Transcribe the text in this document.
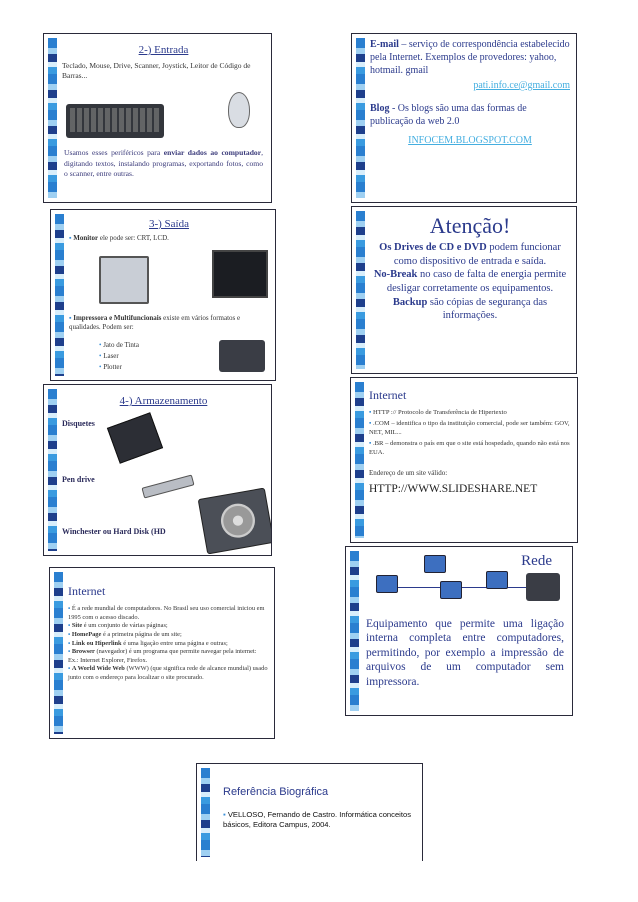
2-) Entrada

Teclado, Mouse, Drive, Scanner, Joystick, Leitor de Código de Barras...

Usamos esses periféricos para enviar dados ao computador, digitando textos, instalando programas, exportando fotos, como o scanner, entre outras.

E-mail – serviço de correspondência estabelecido pela Internet. Exemplos de provedores: yahoo, hotmail. gmail

pati.info.ce@gmail.com

Blog - Os blogs são uma das formas de publicação da web 2.0

INFOCEM.BLOGSPOT.COM

3-) Saída

▪ Monitor ele pode ser: CRT, LCD.

▪ Impressora e Multifuncionais existe em vários formatos e qualidades. Podem ser:

• Jato de Tinta
• Laser
• Plotter
Atenção!

Os Drives de CD e DVD podem funcionar como dispositivo de entrada e saída.

No-Break no caso de falta de energia permite desligar corretamente os equipamentos.

Backup são cópias de segurança das informações.

4-) Armazenamento

Disquetes

Pen drive

Winchester ou Hard Disk (HD

Internet
▪ HTTP :// Protocolo de Transferência de Hipertexto
▪ .COM – identifica o tipo da instituição comercial, pode ser também: GOV, NET, MIL...
▪ .BR – demonstra o país em que o site está hospedado, quando não está nos EUA.

Endereço de um site válido:

HTTP://WWW.SLIDESHARE.NET

Internet
▪ É a rede mundial de computadores. No Brasil seu uso comercial iniciou em 1995 com o acesso discado.
▪ Site é um conjunto de várias páginas;
▪ HomePage é a primeira página de um site;
▪ Link ou Hiperlink é uma ligação entre uma página e outras;
▪ Browser (navegador) é um programa que permite navegar pela internet: Ex.: Internet Explorer, Firefox.
▪ A World Wide Web (WWW) (que significa rede de alcance mundial) usado junto com o endereço para localizar o site procurado.
Rede

Equipamento que permite uma ligação interna completa entre computadores, permitindo, por exemplo a impressão de arquivos de um computador sem impressora.

Referência Biográfica

▪ VELLOSO, Fernando de Castro. Informática conceitos básicos, Editora Campus, 2004.
